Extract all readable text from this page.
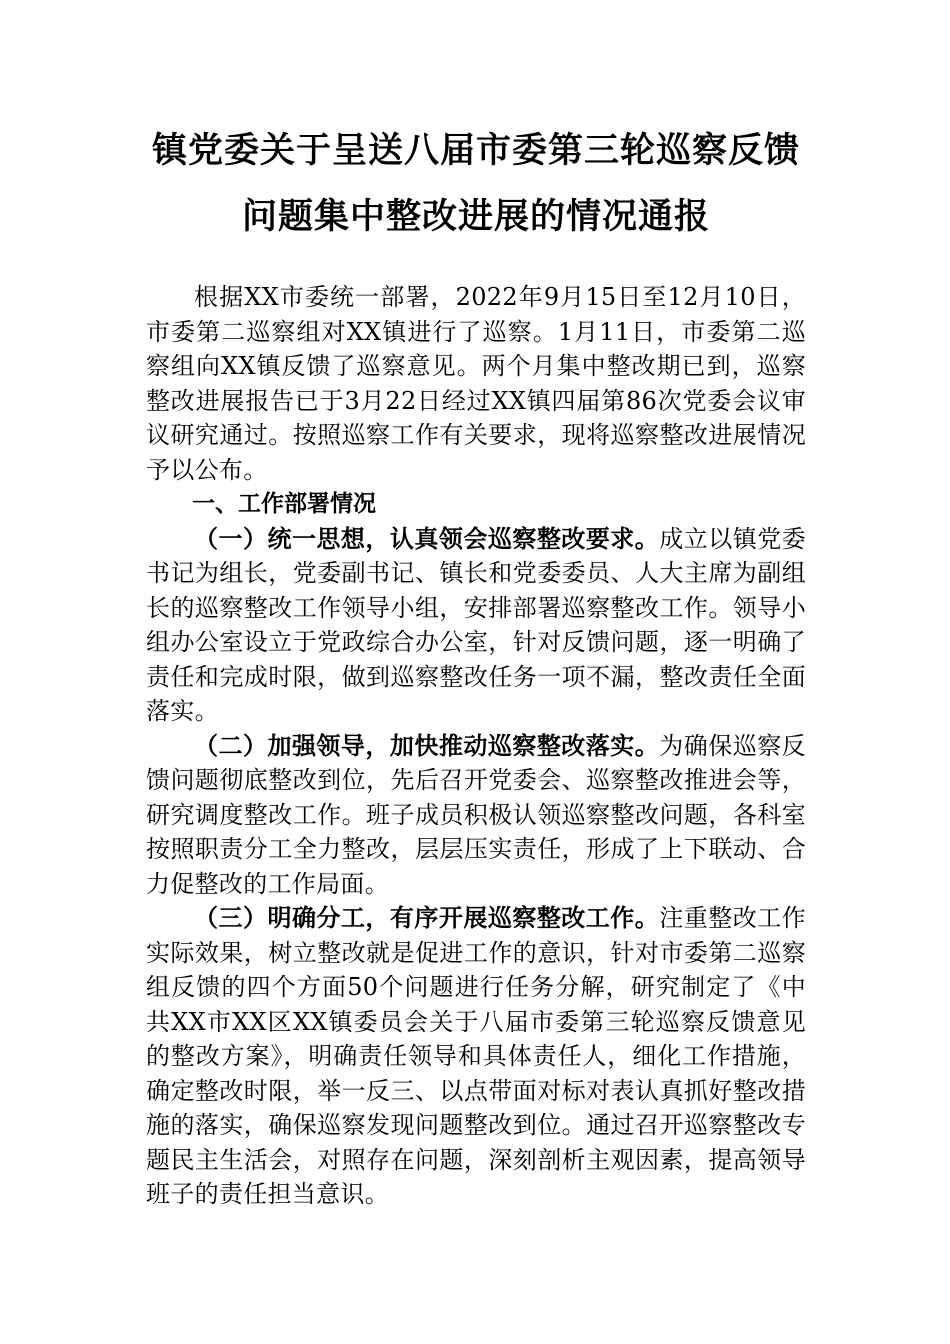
镇党委关于呈送八届市委第三轮巡察反馈
问题集中整改进展的情况通报

根据XX市委统一部署，2022年9月15日至12月10日，市委第二巡察组对XX镇进行了巡察。1月11日，市委第二巡察组向XX镇反馈了巡察意见。两个月集中整改期已到，巡察整改进展报告已于3月22日经过XX镇四届第86次党委会议审议研究通过。按照巡察工作有关要求，现将巡察整改进展情况予以公布。

一、工作部署情况

（一）统一思想，认真领会巡察整改要求。成立以镇党委书记为组长，党委副书记、镇长和党委委员、人大主席为副组长的巡察整改工作领导小组，安排部署巡察整改工作。领导小组办公室设立于党政综合办公室，针对反馈问题，逐一明确了责任和完成时限，做到巡察整改任务一项不漏，整改责任全面落实。

（二）加强领导，加快推动巡察整改落实。为确保巡察反馈问题彻底整改到位，先后召开党委会、巡察整改推进会等，研究调度整改工作。班子成员积极认领巡察整改问题，各科室按照职责分工全力整改，层层压实责任，形成了上下联动、合力促整改的工作局面。

（三）明确分工，有序开展巡察整改工作。注重整改工作实际效果，树立整改就是促进工作的意识，针对市委第二巡察组反馈的四个方面50个问题进行任务分解，研究制定了《中共XX市XX区XX镇委员会关于八届市委第三轮巡察反馈意见的整改方案》，明确责任领导和具体责任人，细化工作措施，确定整改时限，举一反三、以点带面对标对表认真抓好整改措施的落实，确保巡察发现问题整改到位。通过召开巡察整改专题民主生活会，对照存在问题，深刻剖析主观因素，提高领导班子的责任担当意识。
